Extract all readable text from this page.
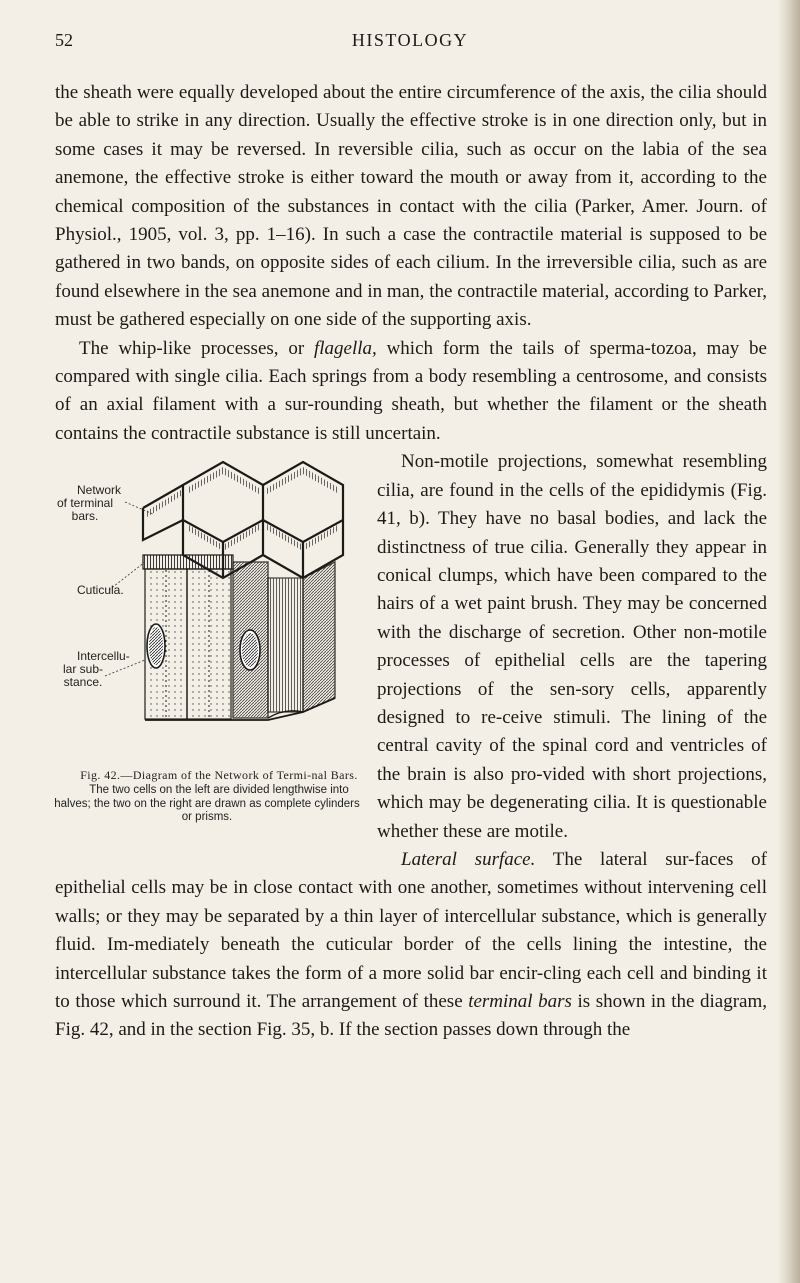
52	HISTOLOGY

the sheath were equally developed about the entire circumference of the axis, the cilia should be able to strike in any direction. Usually the effective stroke is in one direction only, but in some cases it may be reversed. In reversible cilia, such as occur on the labia of the sea anemone, the effective stroke is either toward the mouth or away from it, according to the chemical composition of the substances in contact with the cilia (Parker, Amer. Journ. of Physiol., 1905, vol. 3, pp. 1–16). In such a case the contractile material is supposed to be gathered in two bands, on opposite sides of each cilium. In the irreversible cilia, such as are found elsewhere in the sea anemone and in man, the contractile material, according to Parker, must be gathered especially on one side of the supporting axis.

The whip-like processes, or flagella, which form the tails of sperma-tozoa, may be compared with single cilia. Each springs from a body resembling a centrosome, and consists of an axial filament with a sur-rounding sheath, but whether the filament or the sheath contains the contractile substance is still uncertain.

Network of terminal bars.
Cuticula.
Intercellu-lar sub-stance.
Fig. 42.—Diagram of the Network of Termi-nal Bars.
The two cells on the left are divided lengthwise into halves; the two on the right are drawn as complete cylinders or prisms.
Non-motile projections, somewhat resembling cilia, are found in the cells of the epididymis (Fig. 41, b). They have no basal bodies, and lack the distinctness of true cilia. Generally they appear in conical clumps, which have been compared to the hairs of a wet paint brush. They may be concerned with the discharge of secretion. Other non-motile processes of epithelial cells are the tapering projections of the sen-sory cells, apparently designed to re-ceive stimuli. The lining of the central cavity of the spinal cord and ventricles of the brain is also pro-vided with short projections, which may be degenerating cilia. It is questionable whether these are motile.

Lateral surface. The lateral sur-faces of epithelial cells may be in close contact with one another, sometimes without intervening cell walls; or they may be separated by a thin layer of intercellular substance, which is generally fluid. Im-mediately beneath the cuticular border of the cells lining the intestine, the intercellular substance takes the form of a more solid bar encir-cling each cell and binding it to those which surround it. The arrangement of these terminal bars is shown in the diagram, Fig. 42, and in the section Fig. 35, b. If the section passes down through the
